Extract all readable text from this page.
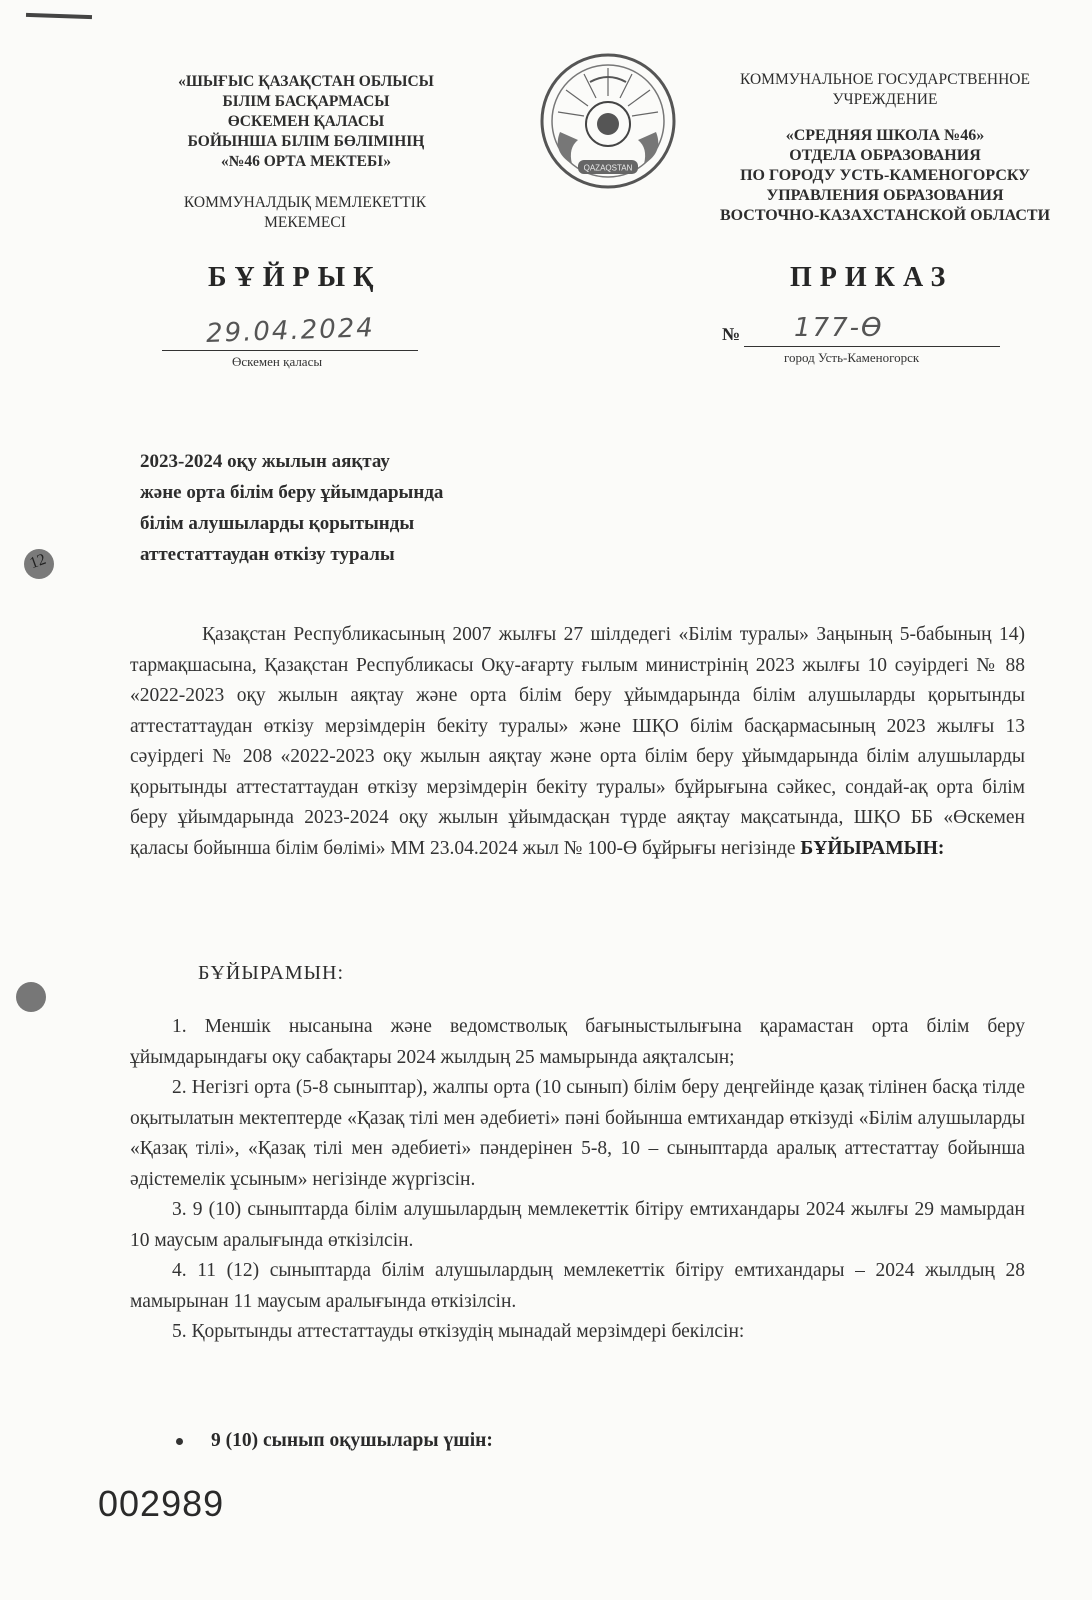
«ШЫҒЫС ҚАЗАҚСТАН ОБЛЫСЫ
БІЛІМ БАСҚАРМАСЫ
ӨСКЕМЕН ҚАЛАСЫ
БОЙЫНША БІЛІМ БӨЛІМІНІҢ
«№46 ОРТА МЕКТЕБІ»
КОММУНАЛДЫҚ МЕМЛЕКЕТТІК
МЕКЕМЕСІ
QAZAQSTAN
КОММУНАЛЬНОЕ ГОСУДАРСТВЕННОЕ
УЧРЕЖДЕНИЕ
«СРЕДНЯЯ ШКОЛА №46»
ОТДЕЛА ОБРАЗОВАНИЯ
ПО ГОРОДУ УСТЬ-КАМЕНОГОРСКУ
УПРАВЛЕНИЯ ОБРАЗОВАНИЯ
ВОСТОЧНО-КАЗАХСТАНСКОЙ ОБЛАСТИ
БҰЙРЫҚ	ПРИКАЗ
29.04.2024
Өскемен қаласы
№ 177-Ө
город Усть-Каменогорск
2023-2024 оқу жылын аяқтау
және орта білім беру ұйымдарында
білім алушыларды қорытынды
аттестаттаудан өткізу туралы
12
Қазақстан Республикасының 2007 жылғы 27 шілдедегі «Білім туралы» Заңының 5-бабының 14) тармақшасына, Қазақстан Республикасы Оқу-ағарту ғылым министрінің 2023 жылғы 10 сәуірдегі № 88 «2022-2023 оқу жылын аяқтау және орта білім беру ұйымдарында білім алушыларды қорытынды аттестаттаудан өткізу мерзімдерін бекіту туралы» және ШҚО білім басқармасының 2023 жылғы 13 сәуірдегі № 208 «2022-2023 оқу жылын аяқтау және орта білім беру ұйымдарында білім алушыларды қорытынды аттестаттаудан өткізу мерзімдерін бекіту туралы» бұйрығына сәйкес, сондай-ақ орта білім беру ұйымдарында 2023-2024 оқу жылын ұйымдасқан түрде аяқтау мақсатында, ШҚО ББ «Өскемен қаласы бойынша білім бөлімі» ММ 23.04.2024 жыл № 100-Ө бұйрығы негізінде БҰЙЫРАМЫН:
БҰЙЫРАМЫН:

1. Меншік нысанына және ведомстволық бағыныстылығына қарамастан орта білім беру ұйымдарындағы оқу сабақтары 2024 жылдың 25 мамырында аяқталсын;

2. Негізгі орта (5-8 сыныптар), жалпы орта (10 сынып) білім беру деңгейінде қазақ тілінен басқа тілде оқытылатын мектептерде «Қазақ тілі мен әдебиеті» пәні бойынша емтихандар өткізуді «Білім алушыларды «Қазақ тілі», «Қазақ тілі мен әдебиеті» пәндерінен 5-8, 10 – сыныптарда аралық аттестаттау бойынша әдістемелік ұсыным» негізінде жүргізсін.

3. 9 (10) сыныптарда білім алушылардың мемлекеттік бітіру емтихандары 2024 жылғы 29 мамырдан 10 маусым аралығында өткізілсін.

4. 11 (12) сыныптарда білім алушылардың мемлекеттік бітіру емтихандары – 2024 жылдың 28 мамырынан 11 маусым аралығында өткізілсін.

5. Қорытынды аттестаттауды өткізудің мынадай мерзімдері бекілсін:

9 (10) сынып оқушылары үшін:
002989
